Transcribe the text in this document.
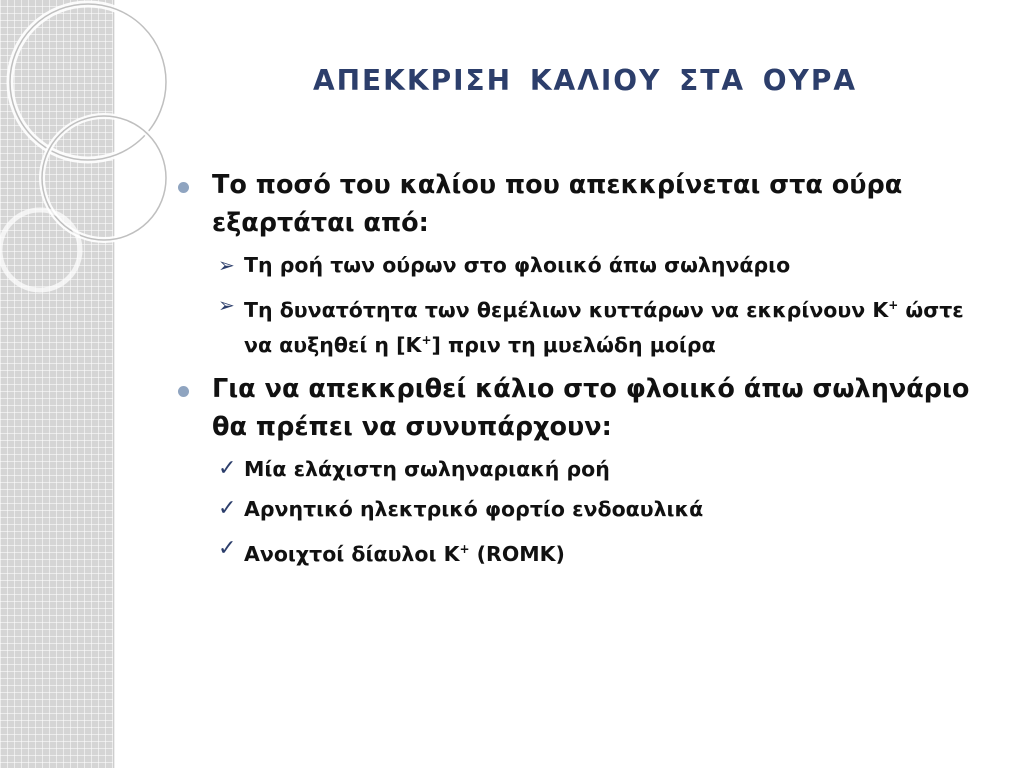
ΑΠΕΚΚΡΙΣΗ ΚΑΛΙΟΥ ΣΤΑ ΟΥΡΑ
Το ποσό του καλίου που απεκκρίνεται στα ούρα εξαρτάται από:
➢ Τη ροή των ούρων στο φλοιικό άπω σωληνάριο
➢ Τη δυνατότητα των θεμέλιων κυττάρων να εκκρίνουν Κ+ ώστε να αυξηθεί η [Κ+] πριν τη μυελώδη μοίρα
Για να απεκκριθεί κάλιο στο φλοιικό άπω σωληνάριο θα πρέπει να συνυπάρχουν:
✓ Μία ελάχιστη σωληναριακή ροή
✓ Αρνητικό ηλεκτρικό φορτίο ενδοαυλικά
✓ Ανοιχτοί δίαυλοι Κ+ (ROMK)
